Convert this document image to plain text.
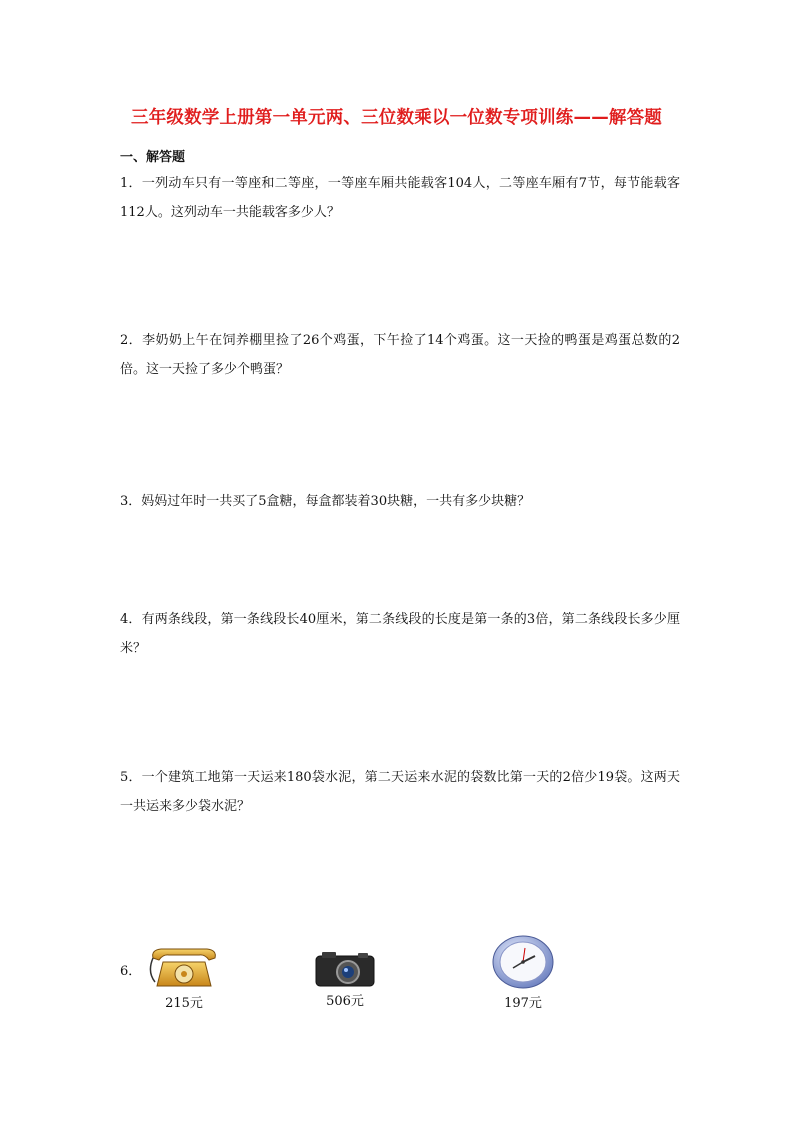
三年级数学上册第一单元两、三位数乘以一位数专项训练——解答题
一、解答题
1．一列动车只有一等座和二等座，一等座车厢共能载客104人，二等座车厢有7节，每节能载客112人。这列动车一共能载客多少人？
2．李奶奶上午在饲养棚里捡了26个鸡蛋，下午捡了14个鸡蛋。这一天捡的鸭蛋是鸡蛋总数的2倍。这一天捡了多少个鸭蛋？
3．妈妈过年时一共买了5盒糖，每盒都装着30块糖，一共有多少块糖？
4．有两条线段，第一条线段长40厘米，第二条线段的长度是第一条的3倍，第二条线段长多少厘米？
5．一个建筑工地第一天运来180袋水泥，第二天运来水泥的袋数比第一天的2倍少19袋。这两天一共运来多少袋水泥？
6．
215元	506元	197元
